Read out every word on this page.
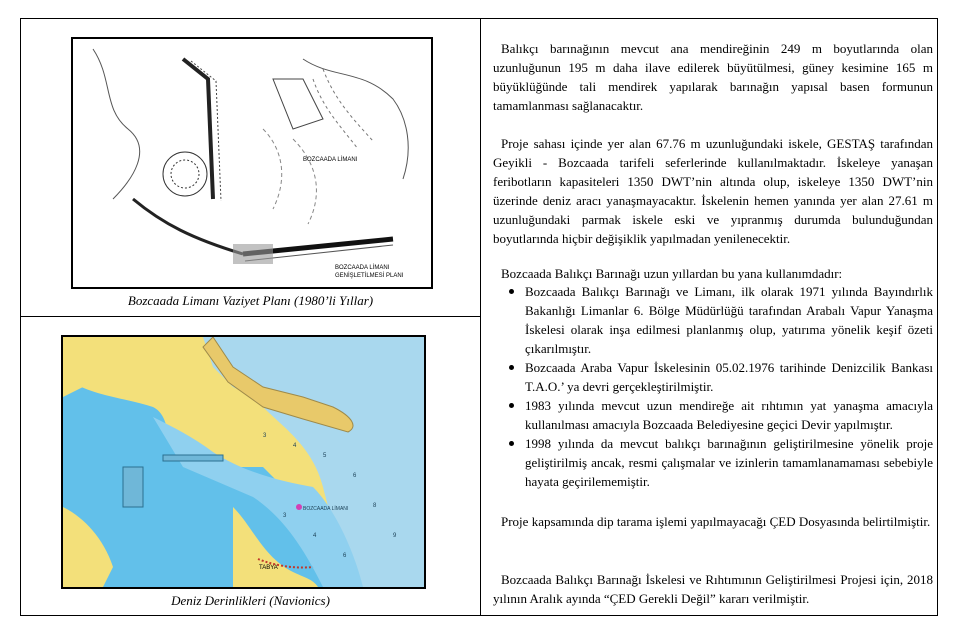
BOZCAADA LİMANI
BOZCAADA LİMANI
GENİŞLETİLMESİ PLANI
Bozcaada Limanı Vaziyet Planı (1980’li Yıllar)
3
4
5
6
8
9
3
4
6
BOZCAADA LİMANI
TABYA
Deniz Derinlikleri (Navionics)

Balıkçı barınağının mevcut ana mendireğinin 249 m boyutlarında olan uzunluğunun 195 m daha ilave edilerek büyütülmesi, güney kesimine 165 m büyüklüğünde tali mendirek yapılarak barınağın yapısal basen formunun tamamlanması sağlanacaktır.

Proje sahası içinde yer alan 67.76 m uzunluğundaki iskele, GESTAŞ tarafından Geyikli - Bozcaada tarifeli seferlerinde kullanılmaktadır. İskeleye yanaşan feribotların kapasiteleri 1350 DWT’nin altında olup, iskeleye 1350 DWT’nin üzerinde deniz aracı yanaşmayacaktır. İskelenin hemen yanında yer alan 27.61 m uzunluğundaki parmak iskele eski ve yıpranmış durumda bulunduğundan boyutlarında hiçbir değişiklik yapılmadan yenilenecektir.

Bozcaada Balıkçı Barınağı uzun yıllardan bu yana kullanımdadır:

Bozcaada Balıkçı Barınağı ve Limanı, ilk olarak 1971 yılında Bayındırlık Bakanlığı Limanlar 6. Bölge Müdürlüğü tarafından Arabalı Vapur Yanaşma İskelesi olarak inşa edilmesi planlanmış olup, yatırıma yönelik keşif özeti çıkarılmıştır.
Bozcaada Araba Vapur İskelesinin 05.02.1976 tarihinde Denizcilik Bankası T.A.O.’ ya devri gerçekleştirilmiştir.
1983 yılında mevcut uzun mendireğe ait rıhtımın yat yanaşma amacıyla kullanılması amacıyla Bozcaada Belediyesine geçici Devir yapılmıştır.
1998 yılında da mevcut balıkçı barınağının geliştirilmesine yönelik proje geliştirilmiş ancak, resmi çalışmalar ve izinlerin tamamlanamaması sebebiyle hayata geçirilememiştir.

Proje kapsamında dip tarama işlemi yapılmayacağı ÇED Dosyasında belirtilmiştir.

Bozcaada Balıkçı Barınağı İskelesi ve Rıhtımının Geliştirilmesi Projesi için, 2018 yılının Aralık ayında “ÇED Gerekli Değil” kararı verilmiştir.
